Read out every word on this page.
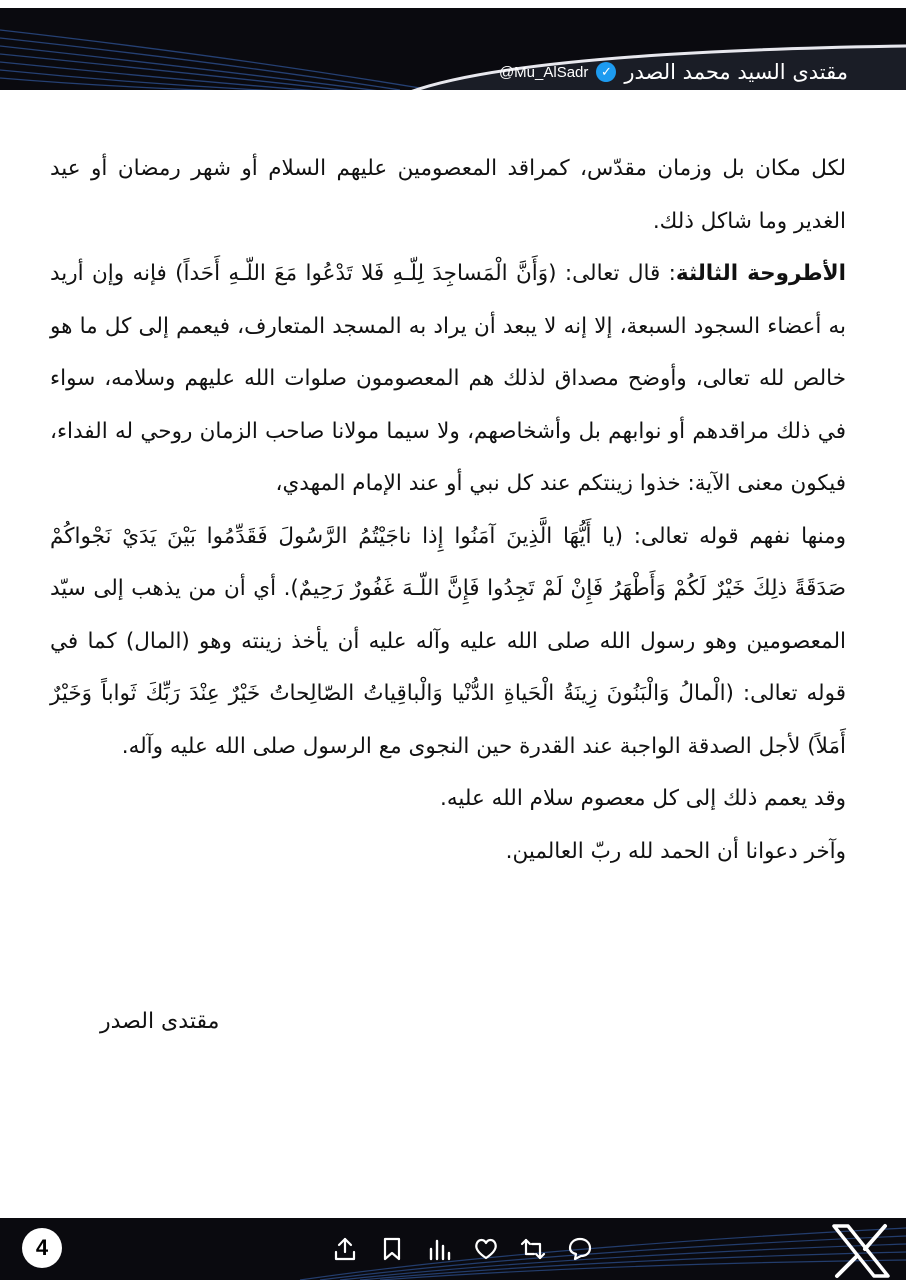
@Mu_AlSadr ✓ مقتدى السيد محمد الصدر

لكل مكان بل وزمان مقدّس، كمراقد المعصومين عليهم السلام أو شهر رمضان أو عيد الغدير وما شاكل ذلك.

الأطروحة الثالثة: قال تعالى: (وَأَنَّ الْمَساجِدَ لِلّـهِ فَلا تَدْعُوا مَعَ اللّـهِ أَحَداً) فإنه وإن أريد به أعضاء السجود السبعة، إلا إنه لا يبعد أن يراد به المسجد المتعارف، فيعمم إلى كل ما هو خالص لله تعالى، وأوضح مصداق لذلك هم المعصومون صلوات الله عليهم وسلامه، سواء في ذلك مراقدهم أو نوابهم بل وأشخاصهم، ولا سيما مولانا صاحب الزمان روحي له الفداء، فيكون معنى الآية: خذوا زينتكم عند كل نبي أو عند الإمام المهدي،

ومنها نفهم قوله تعالى: (يا أَيُّهَا الَّذِينَ آمَنُوا إِذا ناجَيْتُمُ الرَّسُولَ فَقَدِّمُوا بَيْنَ يَدَيْ نَجْواكُمْ صَدَقَةً ذلِكَ خَيْرٌ لَكُمْ وَأَطْهَرُ فَإِنْ لَمْ تَجِدُوا فَإِنَّ اللّـهَ غَفُورٌ رَحِيمٌ). أي أن من يذهب إلى سيّد المعصومين وهو رسول الله صلى الله عليه وآله عليه أن يأخذ زينته وهو (المال) كما في قوله تعالى: (الْمالُ وَالْبَنُونَ زِينَةُ الْحَياةِ الدُّنْيا وَالْباقِياتُ الصّالِحاتُ خَيْرٌ عِنْدَ رَبِّكَ ثَواباً وَخَيْرٌ أَمَلاً) لأجل الصدقة الواجبة عند القدرة حين النجوى مع الرسول صلى الله عليه وآله.

وقد يعمم ذلك إلى كل معصوم سلام الله عليه.

وآخر دعوانا أن الحمد لله ربّ العالمين.

مقتدى الصدر
4
